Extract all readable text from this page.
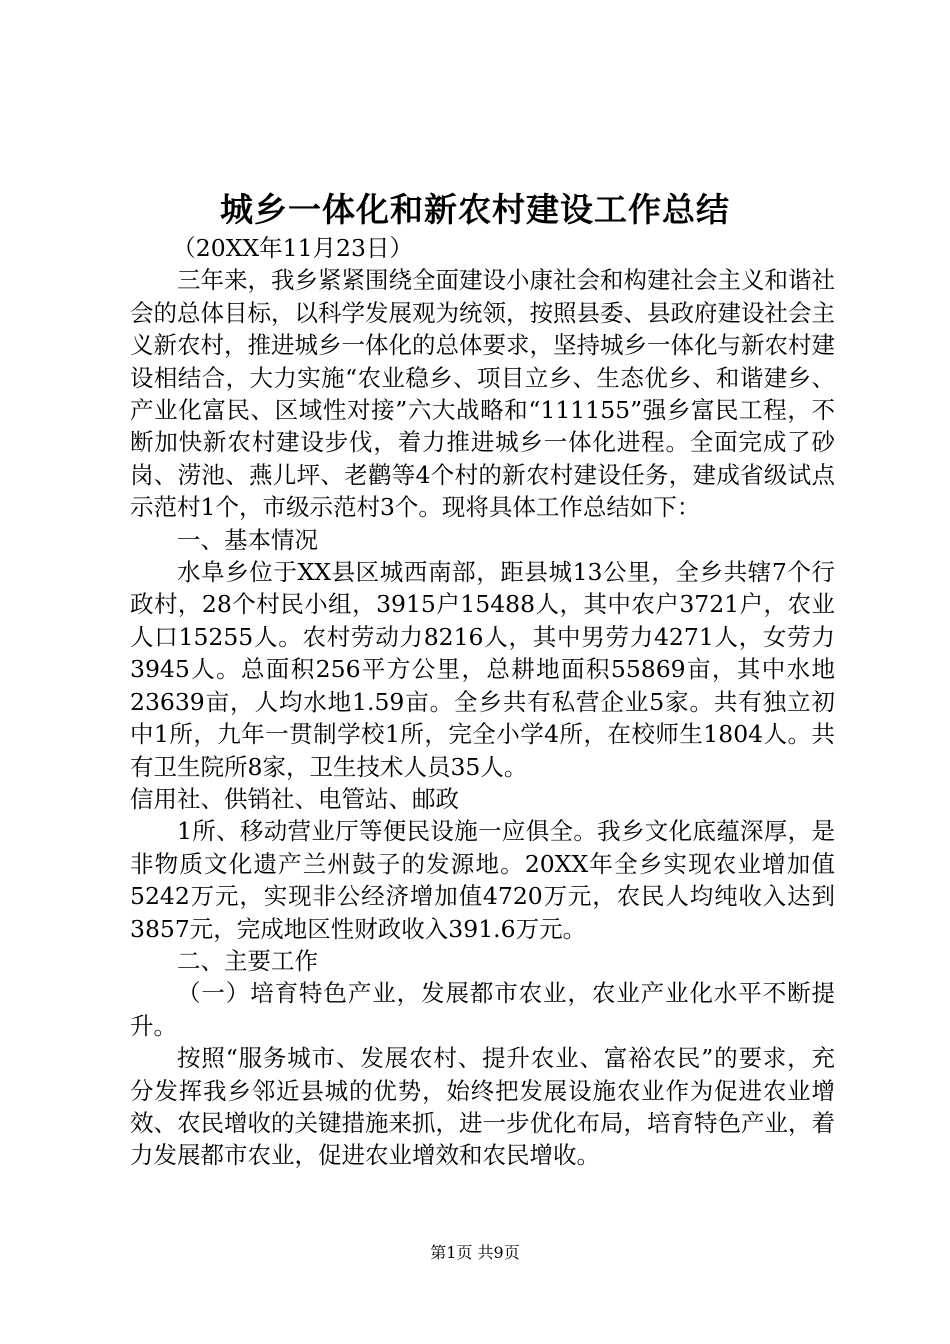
城乡一体化和新农村建设工作总结

（20XX年11月23日）

三年来，我乡紧紧围绕全面建设小康社会和构建社会主义和谐社会的总体目标，以科学发展观为统领，按照县委、县政府建设社会主义新农村，推进城乡一体化的总体要求，坚持城乡一体化与新农村建设相结合，大力实施“农业稳乡、项目立乡、生态优乡、和谐建乡、产业化富民、区域性对接”六大战略和“111155”强乡富民工程，不断加快新农村建设步伐，着力推进城乡一体化进程。全面完成了砂岗、涝池、燕儿坪、老鹳等4个村的新农村建设任务，建成省级试点示范村1个，市级示范村3个。现将具体工作总结如下：

一、基本情况

水阜乡位于XX县区城西南部，距县城13公里，全乡共辖7个行政村，28个村民小组，3915户15488人，其中农户3721户，农业人口15255人。农村劳动力8216人，其中男劳力4271人，女劳力3945人。总面积256平方公里，总耕地面积55869亩，其中水地23639亩，人均水地1.59亩。全乡共有私营企业5家。共有独立初中1所，九年一贯制学校1所，完全小学4所，在校师生1804人。共有卫生院所8家，卫生技术人员35人。

信用社、供销社、电管站、邮政

1所、移动营业厅等便民设施一应俱全。我乡文化底蕴深厚，是非物质文化遗产兰州鼓子的发源地。20XX年全乡实现农业增加值5242万元，实现非公经济增加值4720万元，农民人均纯收入达到3857元，完成地区性财政收入391.6万元。

二、主要工作

（一）培育特色产业，发展都市农业，农业产业化水平不断提升。

按照“服务城市、发展农村、提升农业、富裕农民”的要求，充分发挥我乡邻近县城的优势，始终把发展设施农业作为促进农业增效、农民增收的关键措施来抓，进一步优化布局，培育特色产业，着力发展都市农业，促进农业增效和农民增收。

第1页 共9页
